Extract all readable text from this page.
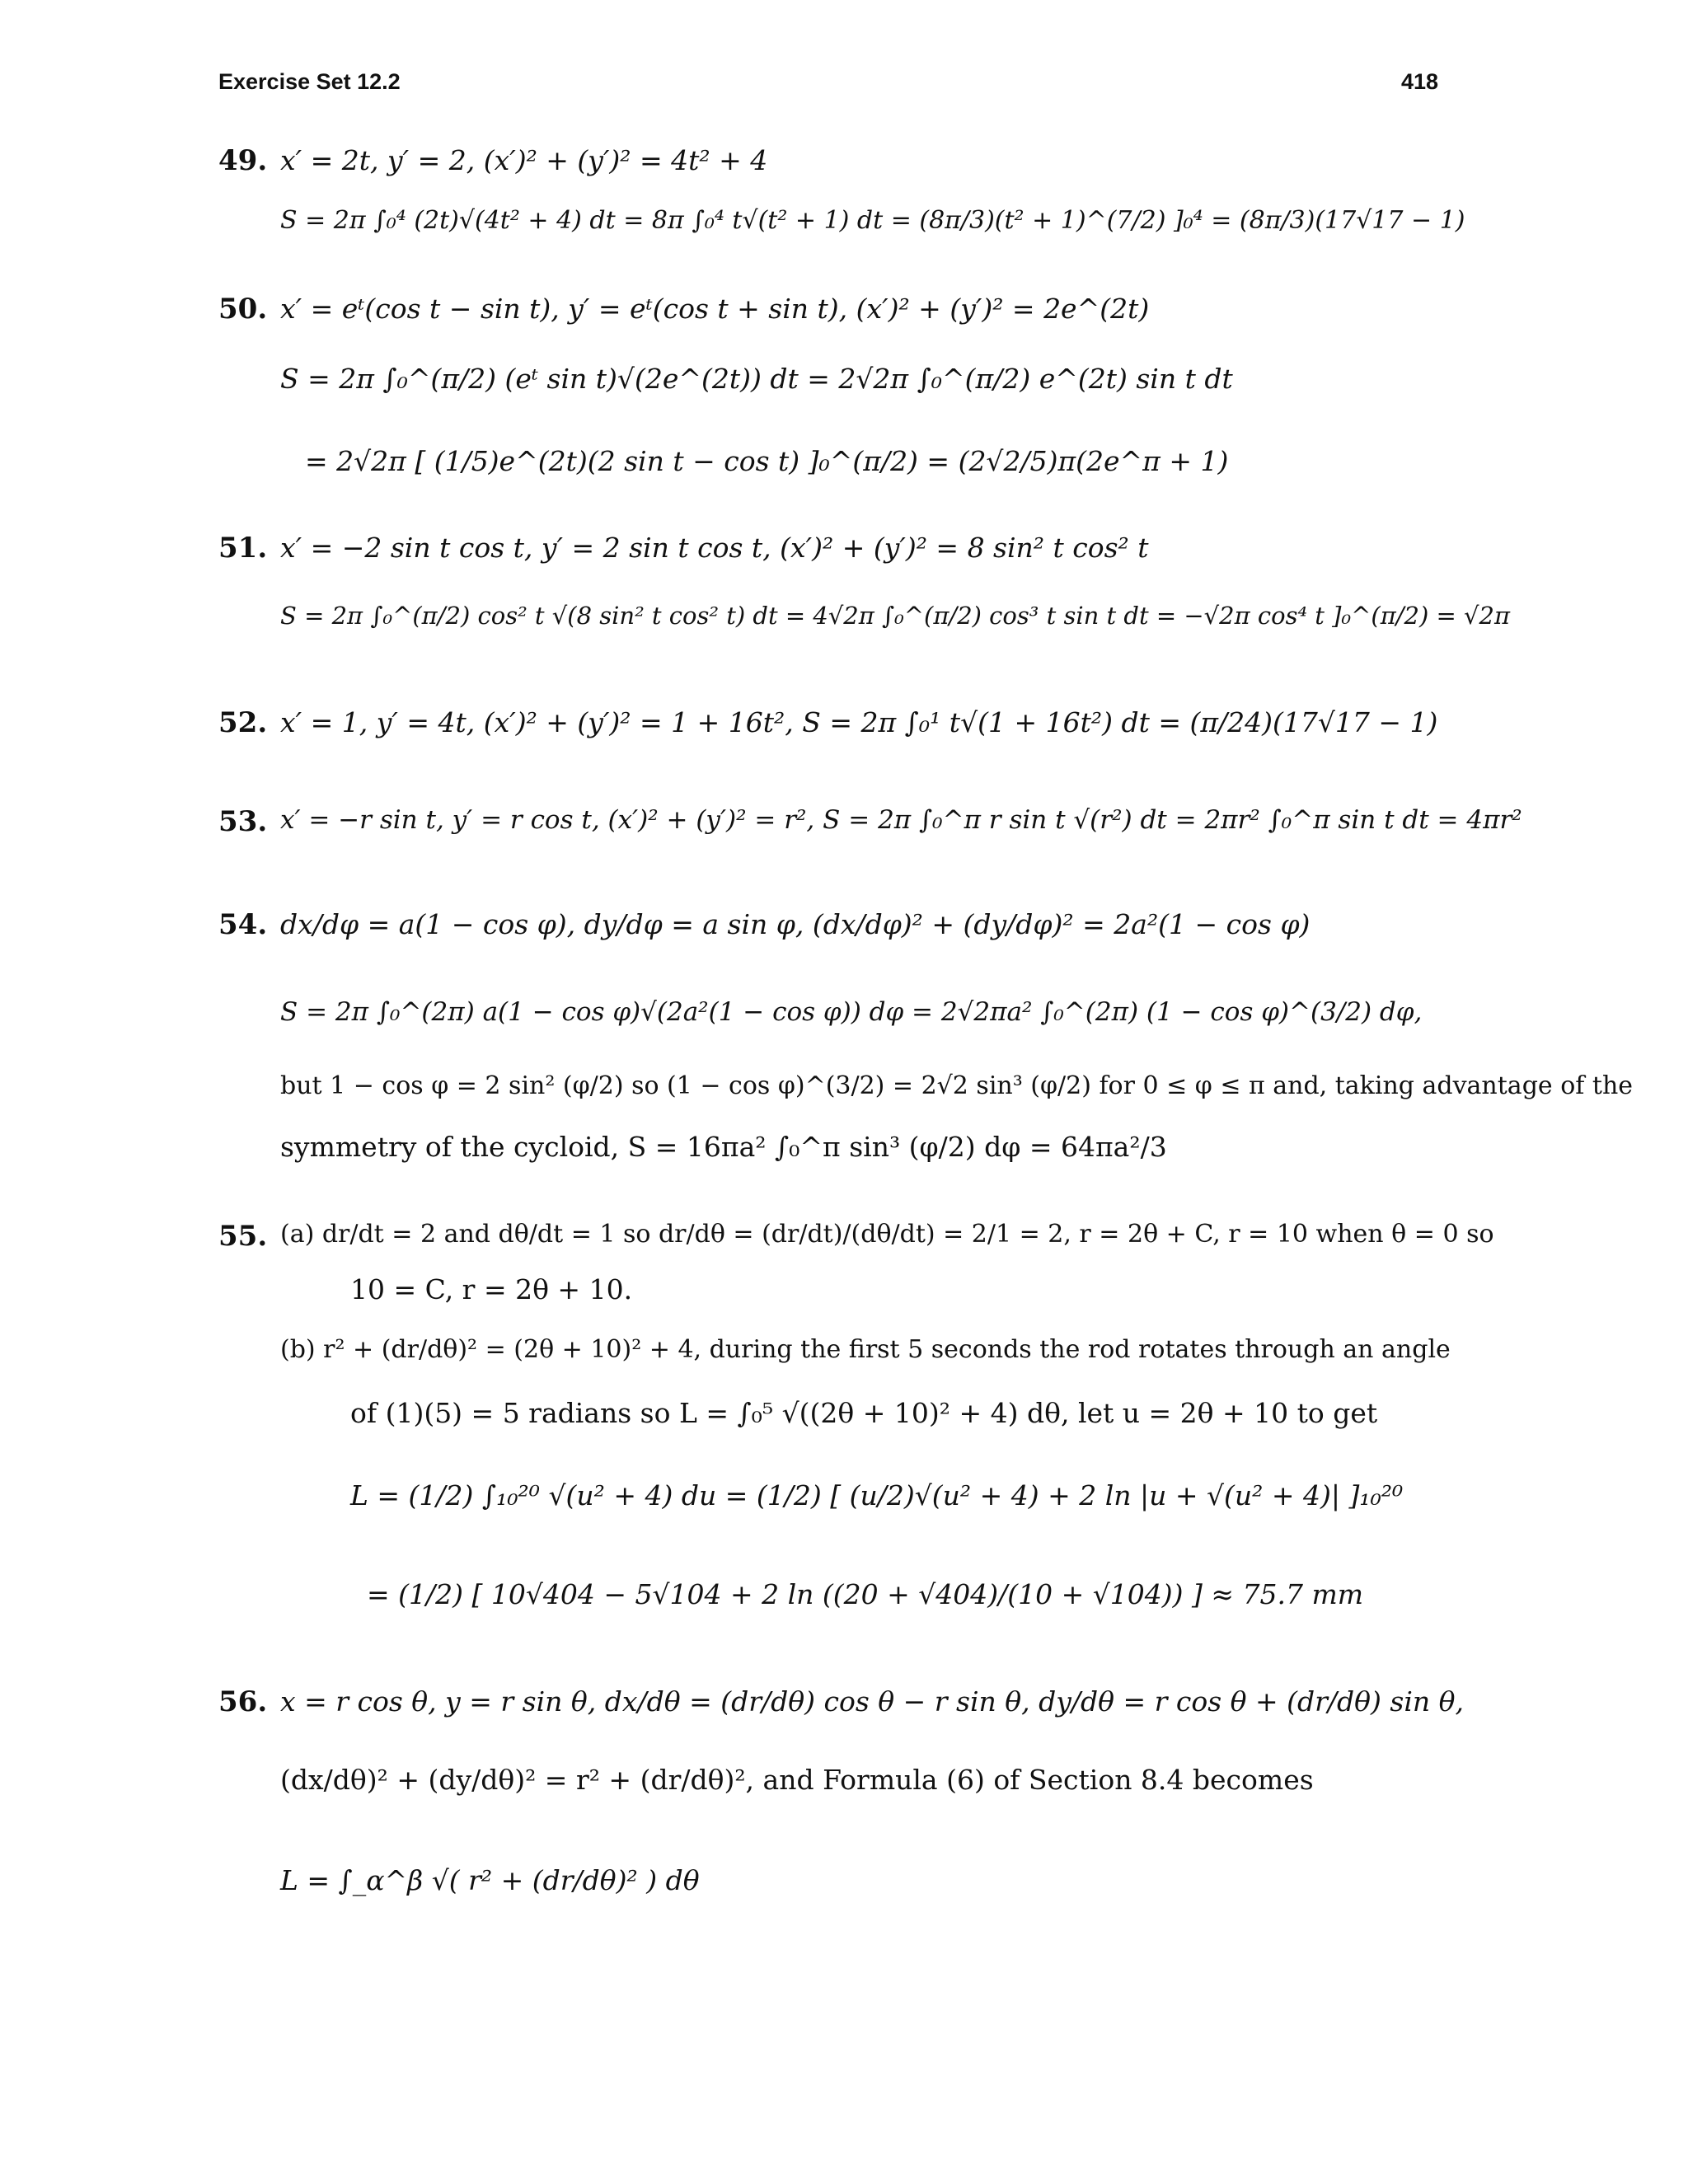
Exercise Set 12.2	418
49. x′ = 2t, y′ = 2, (x′)² + (y′)² = 4t² + 4
S = 2π ∫₀⁴ (2t)√(4t² + 4) dt = 8π ∫₀⁴ t√(t² + 1) dt = (8π/3)(t² + 1)^(7/2) ]₀⁴ = (8π/3)(17√17 − 1)
50. x′ = eᵗ(cos t − sin t), y′ = eᵗ(cos t + sin t), (x′)² + (y′)² = 2e^(2t)
S = 2π ∫₀^(π/2) (eᵗ sin t)√(2e^(2t)) dt = 2√2π ∫₀^(π/2) e^(2t) sin t dt
= 2√2π [ (1/5)e^(2t)(2 sin t − cos t) ]₀^(π/2) = (2√2/5)π(2e^π + 1)
51. x′ = −2 sin t cos t, y′ = 2 sin t cos t, (x′)² + (y′)² = 8 sin² t cos² t
S = 2π ∫₀^(π/2) cos² t √(8 sin² t cos² t) dt = 4√2π ∫₀^(π/2) cos³ t sin t dt = −√2π cos⁴ t ]₀^(π/2) = √2π
52. x′ = 1, y′ = 4t, (x′)² + (y′)² = 1 + 16t², S = 2π ∫₀¹ t√(1 + 16t²) dt = (π/24)(17√17 − 1)
53. x′ = −r sin t, y′ = r cos t, (x′)² + (y′)² = r², S = 2π ∫₀^π r sin t √(r²) dt = 2πr² ∫₀^π sin t dt = 4πr²
54. dx/dφ = a(1 − cos φ), dy/dφ = a sin φ, (dx/dφ)² + (dy/dφ)² = 2a²(1 − cos φ)
S = 2π ∫₀^(2π) a(1 − cos φ)√(2a²(1 − cos φ)) dφ = 2√2πa² ∫₀^(2π) (1 − cos φ)^(3/2) dφ,
but 1 − cos φ = 2 sin² (φ/2) so (1 − cos φ)^(3/2) = 2√2 sin³ (φ/2) for 0 ≤ φ ≤ π and, taking advantage of the
symmetry of the cycloid, S = 16πa² ∫₀^π sin³ (φ/2) dφ = 64πa²/3
55. (a) dr/dt = 2 and dθ/dt = 1 so dr/dθ = (dr/dt)/(dθ/dt) = 2/1 = 2, r = 2θ + C, r = 10 when θ = 0 so
10 = C, r = 2θ + 10.
(b) r² + (dr/dθ)² = (2θ + 10)² + 4, during the first 5 seconds the rod rotates through an angle
of (1)(5) = 5 radians so L = ∫₀⁵ √((2θ + 10)² + 4) dθ, let u = 2θ + 10 to get
L = (1/2) ∫₁₀²⁰ √(u² + 4) du = (1/2) [ (u/2)√(u² + 4) + 2 ln |u + √(u² + 4)| ]₁₀²⁰
= (1/2) [ 10√404 − 5√104 + 2 ln ((20 + √404)/(10 + √104)) ] ≈ 75.7 mm
56. x = r cos θ, y = r sin θ, dx/dθ = (dr/dθ) cos θ − r sin θ, dy/dθ = r cos θ + (dr/dθ) sin θ,
(dx/dθ)² + (dy/dθ)² = r² + (dr/dθ)², and Formula (6) of Section 8.4 becomes
L = ∫_α^β √( r² + (dr/dθ)² ) dθ
